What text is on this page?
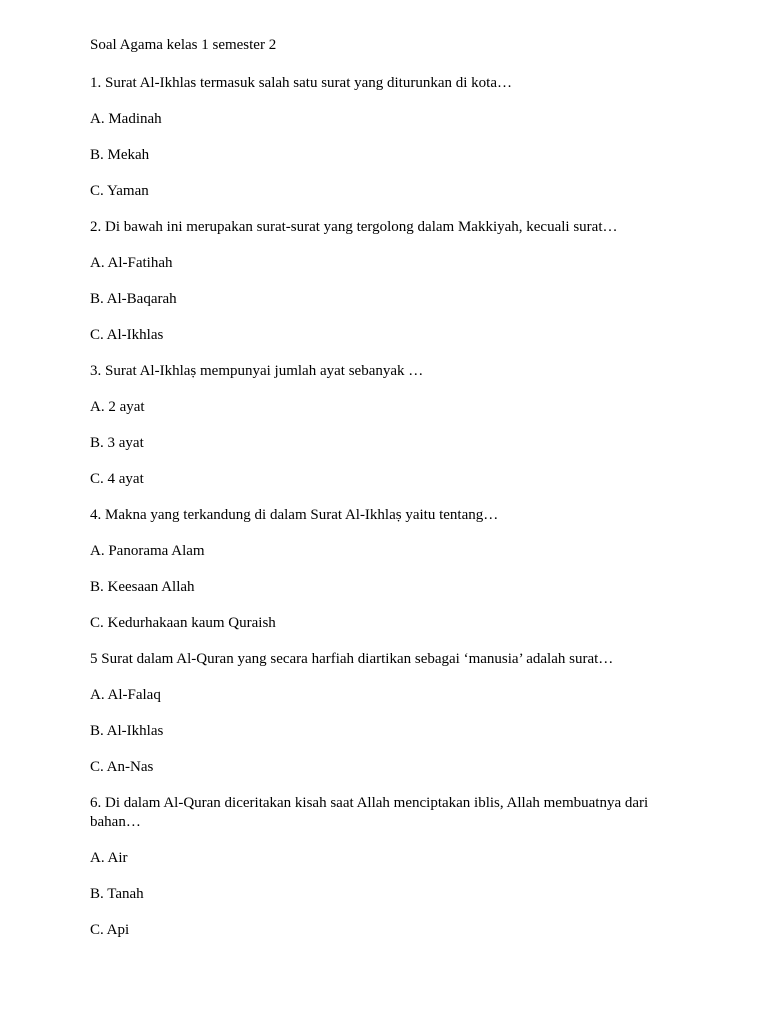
Soal Agama kelas 1 semester 2
1. Surat Al-Ikhlas termasuk salah satu surat yang diturunkan di kota…
A. Madinah
B. Mekah
C. Yaman
2. Di bawah ini merupakan surat-surat yang tergolong dalam Makkiyah, kecuali surat…
A. Al-Fatihah
B. Al-Baqarah
C. Al-Ikhlas
3. Surat Al-Ikhlaṣ mempunyai jumlah ayat sebanyak …
A. 2 ayat
B. 3 ayat
C. 4 ayat
4. Makna yang terkandung di dalam Surat Al-Ikhlaṣ yaitu tentang…
A. Panorama Alam
B. Keesaan Allah
C. Kedurhakaan kaum Quraish
5 Surat dalam Al-Quran yang secara harfiah diartikan sebagai ‘manusia’ adalah surat…
A. Al-Falaq
B. Al-Ikhlas
C. An-Nas
6. Di dalam Al-Quran diceritakan kisah saat Allah menciptakan iblis, Allah membuatnya dari bahan…
A. Air
B. Tanah
C. Api
